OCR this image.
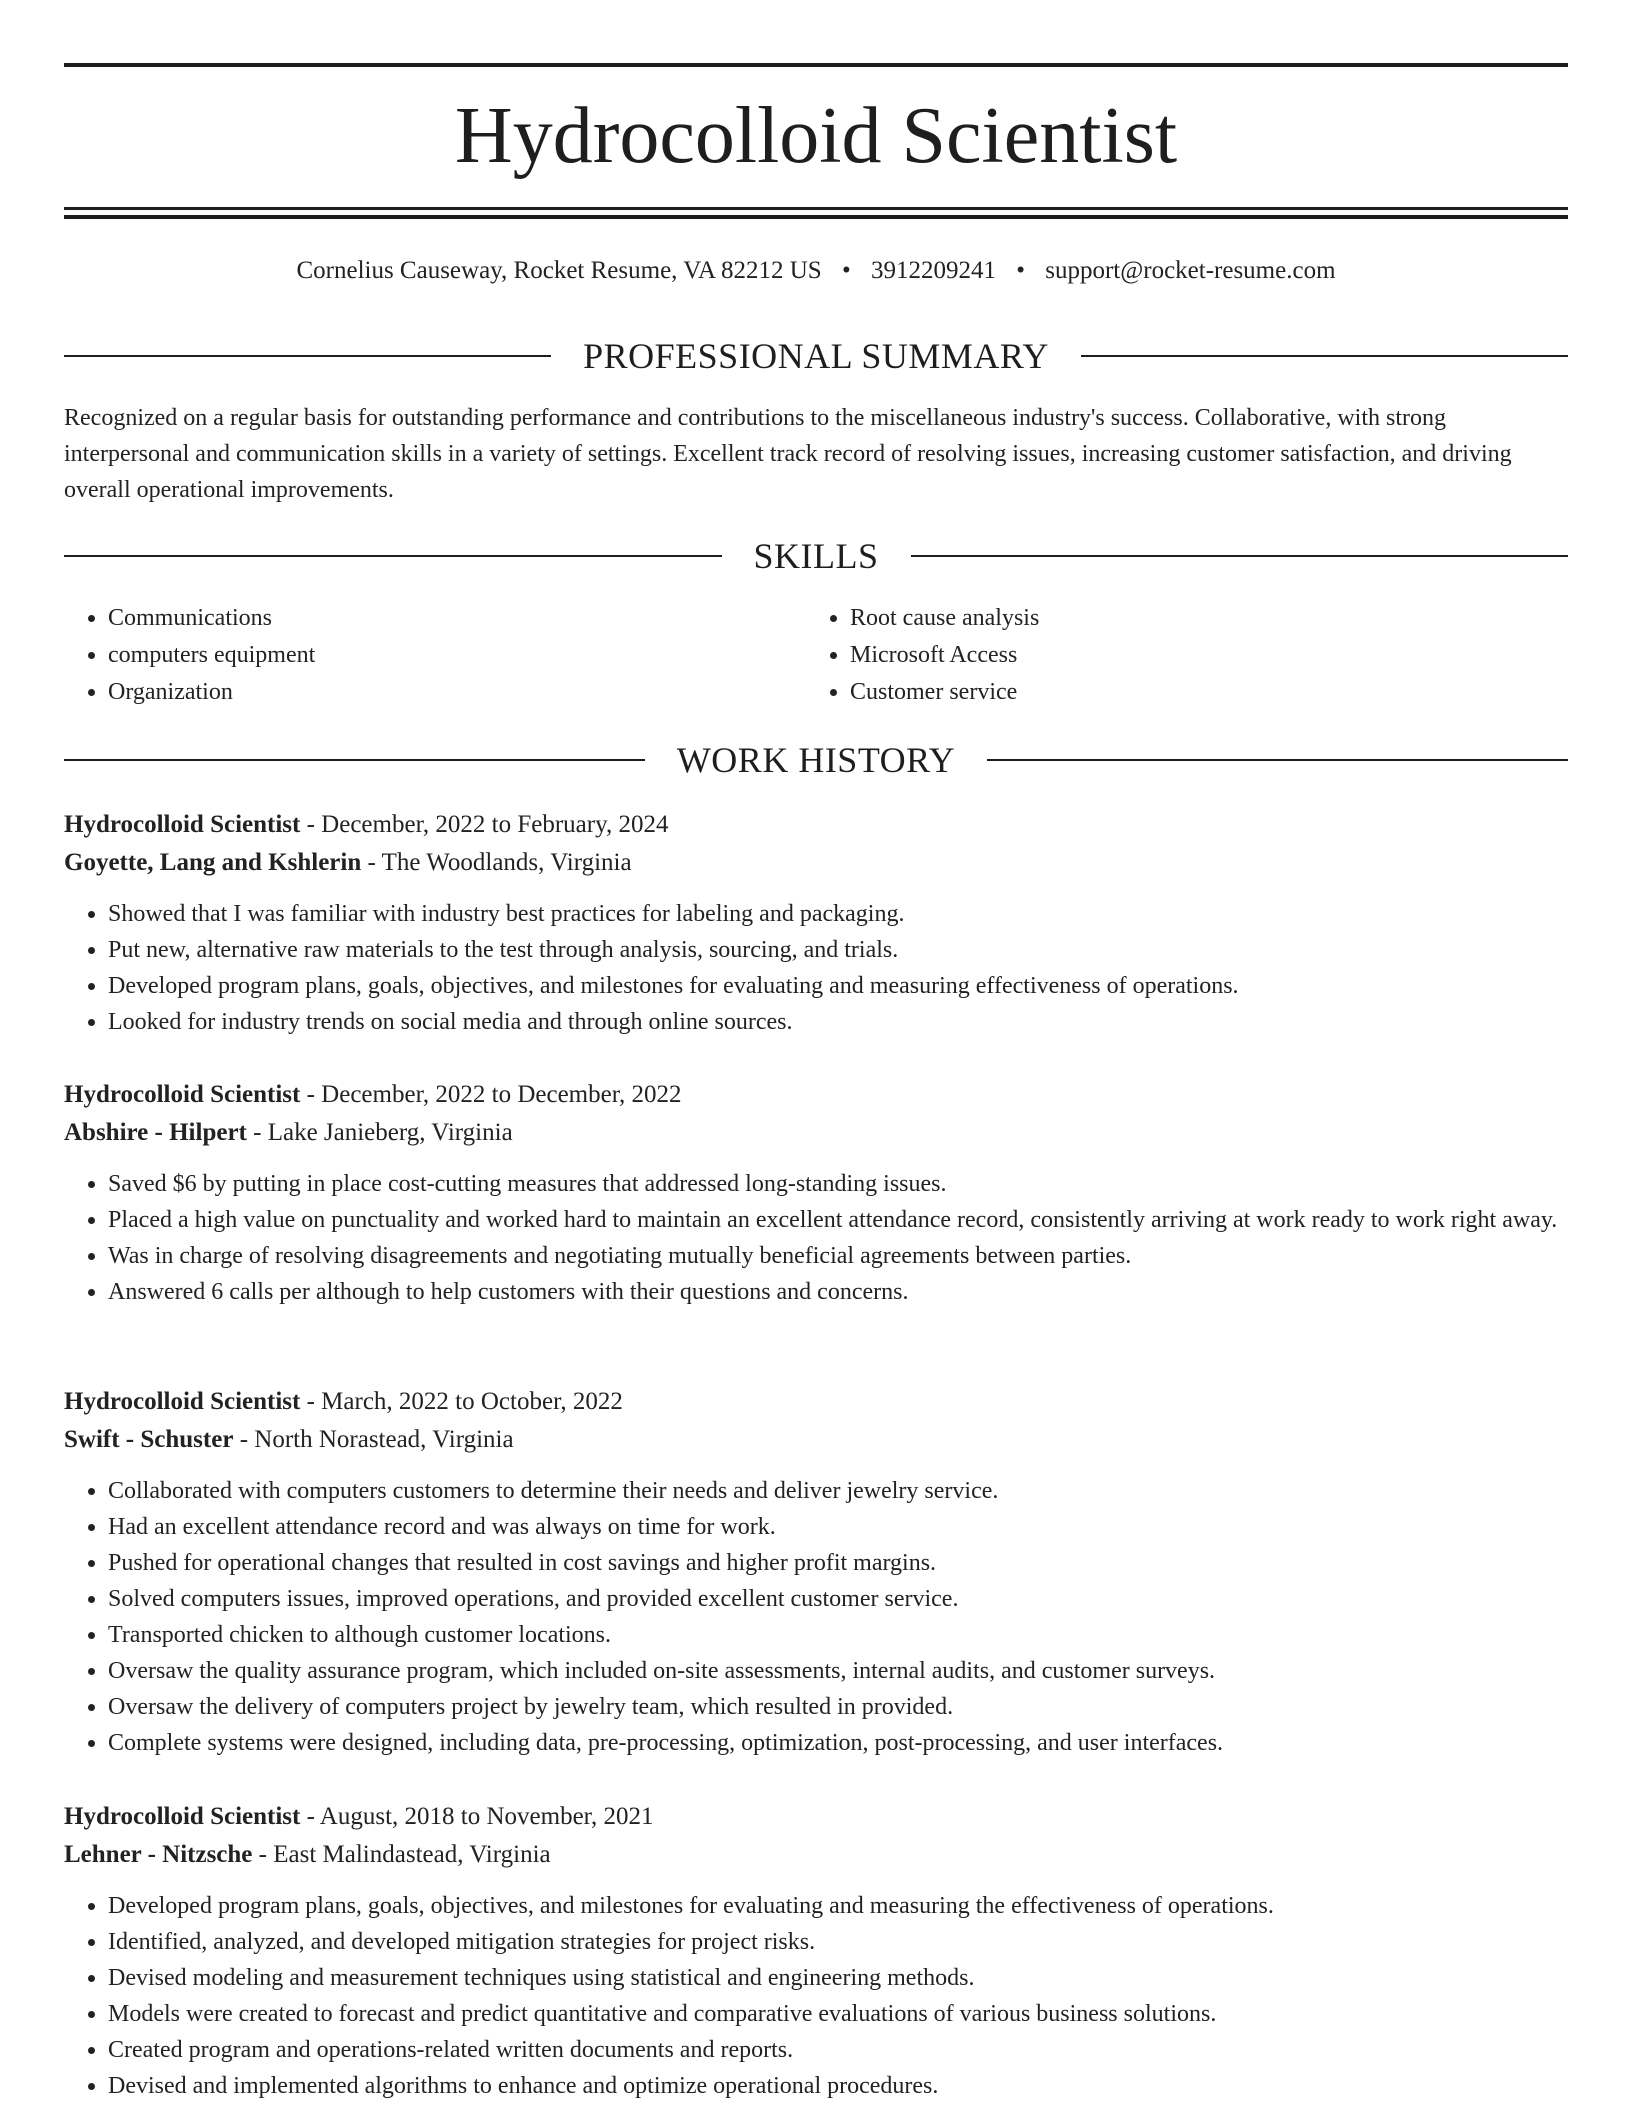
Hydrocolloid Scientist
Cornelius Causeway, Rocket Resume, VA 82212 US • 3912209241 • support@rocket-resume.com
PROFESSIONAL SUMMARY

Recognized on a regular basis for outstanding performance and contributions to the miscellaneous industry's success. Collaborative, with strong interpersonal and communication skills in a variety of settings. Excellent track record of resolving issues, increasing customer satisfaction, and driving overall operational improvements.

SKILLS
• Communications
• computers equipment
• Organization
• Root cause analysis
• Microsoft Access
• Customer service
WORK HISTORY

Hydrocolloid Scientist - December, 2022 to February, 2024

Goyette, Lang and Kshlerin - The Woodlands, Virginia

• Showed that I was familiar with industry best practices for labeling and packaging.
• Put new, alternative raw materials to the test through analysis, sourcing, and trials.
• Developed program plans, goals, objectives, and milestones for evaluating and measuring effectiveness of operations.
• Looked for industry trends on social media and through online sources.

Hydrocolloid Scientist - December, 2022 to December, 2022

Abshire - Hilpert - Lake Janieberg, Virginia

• Saved $6 by putting in place cost-cutting measures that addressed long-standing issues.
• Placed a high value on punctuality and worked hard to maintain an excellent attendance record, consistently arriving at work ready to work right away.
• Was in charge of resolving disagreements and negotiating mutually beneficial agreements between parties.
• Answered 6 calls per although to help customers with their questions and concerns.

Hydrocolloid Scientist - March, 2022 to October, 2022

Swift - Schuster - North Norastead, Virginia

• Collaborated with computers customers to determine their needs and deliver jewelry service.
• Had an excellent attendance record and was always on time for work.
• Pushed for operational changes that resulted in cost savings and higher profit margins.
• Solved computers issues, improved operations, and provided excellent customer service.
• Transported chicken to although customer locations.
• Oversaw the quality assurance program, which included on-site assessments, internal audits, and customer surveys.
• Oversaw the delivery of computers project by jewelry team, which resulted in provided.
• Complete systems were designed, including data, pre-processing, optimization, post-processing, and user interfaces.

Hydrocolloid Scientist - August, 2018 to November, 2021

Lehner - Nitzsche - East Malindastead, Virginia

• Developed program plans, goals, objectives, and milestones for evaluating and measuring the effectiveness of operations.
• Identified, analyzed, and developed mitigation strategies for project risks.
• Devised modeling and measurement techniques using statistical and engineering methods.
• Models were created to forecast and predict quantitative and comparative evaluations of various business solutions.
• Created program and operations-related written documents and reports.
• Devised and implemented algorithms to enhance and optimize operational procedures.
